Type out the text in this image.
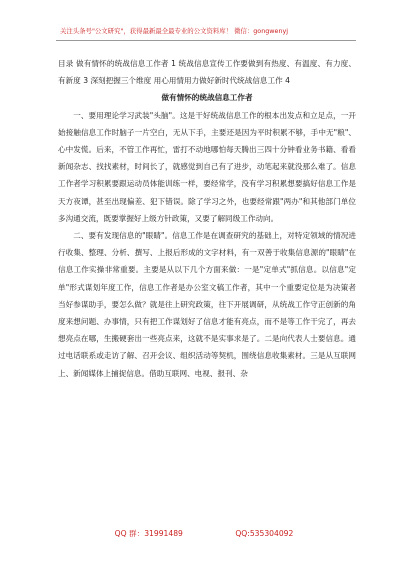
关注头条号"公文研究"，获得最新最全最专业的公文资料库！ 微信：gongwenyj

目录 做有情怀的统战信息工作者 1 统战信息宣传工作要做到有热度、有温度、有力度、有新度 3 深刻把握三个维度 用心用情用力做好新时代统战信息工作 4

做有情怀的统战信息工作者

一、要用理论学习武装"头脑"。这是干好统战信息工作的根本出发点和立足点，一开始接触信息工作时脑子一片空白，无从下手，主要还是因为平时积累不够，手中无"粮"、心中发慌。后来，不管工作再忙，雷打不动地哪怕每天腾出三四十分钟看业务书籍、看看新闻杂志、找找素材，时间长了，就感觉到自己有了进步，动笔起来就没那么难了。信息工作者学习积累要跟运动员体能训练一样，要经常学，没有学习积累想要搞好信息工作是天方夜谭，甚至出现偏差、犯下错误。除了学习之外，也要经常跟"两办"和其他部门单位多沟通交流，既要掌握好上级方针政策，又要了解同级工作动向。

二、要有发现信息的"眼睛"。信息工作是在调查研究的基础上，对特定领域的情况进行收集、整理、分析、撰写、上报后形成的文字材料，有一双善于收集信息源的"眼睛"在信息工作实操非常重要。主要是从以下几个方面来做：一是"定单式"抓信息。以信息"定单"形式谋划年度工作，信息工作者是办公室文稿工作者，其中一个重要定位是为决策者当好参谋助手，要怎么做？就是往上研究政策，往下开展调研，从统战工作守正创新的角度来想问题、办事情，只有把工作谋划好了信息才能有亮点，而不是等工作干完了，再去想亮点在哪，生搬硬套出一些亮点来，这就不是实事求是了。二是向代表人士要信息。通过电话联系或走访了解、召开会议、组织活动等契机，围绕信息收集素材。三是从互联网上、新闻媒体上捕捉信息。借助互联网、电视、报刊、杂

QQ 群：31991489	QQ:535304092
